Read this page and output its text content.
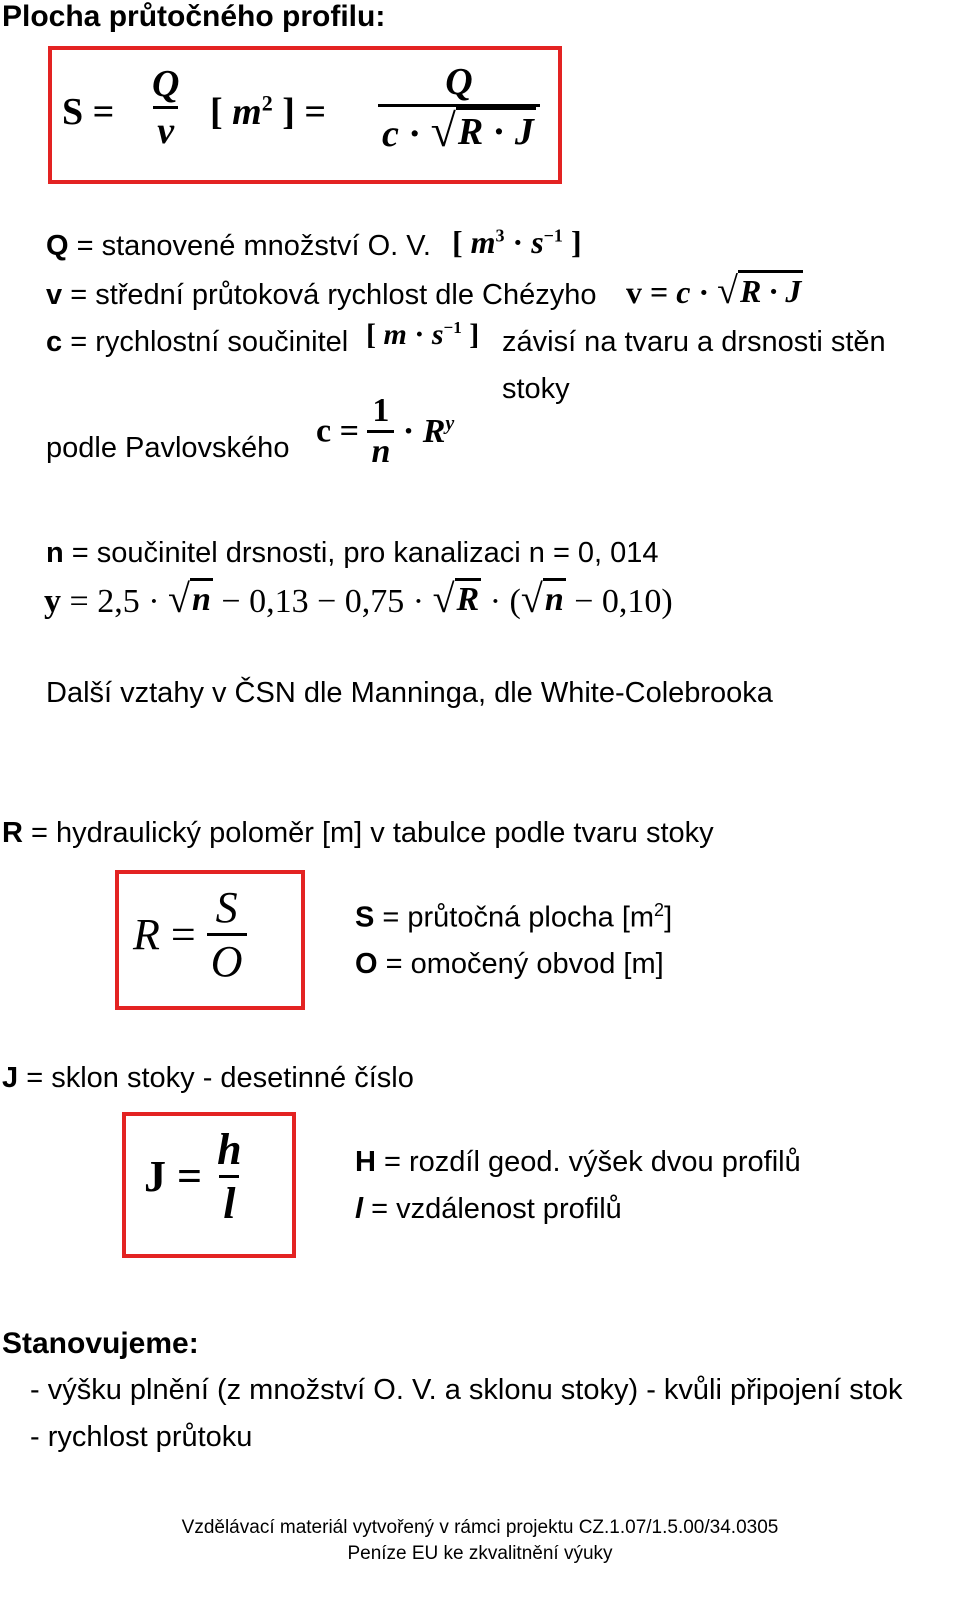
Plocha průtočného profilu:
$S = \frac{Q}{v}$ [ $m^2$ ] = $\frac{Q}{c \cdot √ R \cdot J}$
Q = stanovené množství O. V. [ $m^3 \cdot s^{-1}$ ]
v = střední průtoková rychlost dle Chézyho v = c · √ R · J
c = rychlostní součinitel [ $m \cdot s^{-1}$ ] závisí na tvaru a drsnosti stěn
stoky
podle Pavlovského $c = \frac{1}{n} \cdot R^y$
n = součinitel drsnosti, pro kanalizaci n = 0, 014
y = 2,5 · √ n − 0,13 − 0,75 · √ R · ( √ n − 0,10)
Další vztahy v ČSN dle Manninga, dle White-Colebrooka
R = hydraulický poloměr [m] v tabulce podle tvaru stoky
$R = \frac{S}{O}$	S = průtočná plocha $[m^2]$
O = omočený obvod [m]
J = sklon stoky - desetinné číslo
$J = \frac{h}{l}$	H = rozdíl geod. výšek dvou profilů
l = vzdálenost profilů
Stanovujeme:
- výšku plnění (z množství O. V. a sklonu stoky) - kvůli připojení stok
- rychlost průtoku
Vzdělávací materiál vytvořený v rámci projektu CZ.1.07/1.5.00/34.0305
Peníze EU ke zkvalitnění výuky
